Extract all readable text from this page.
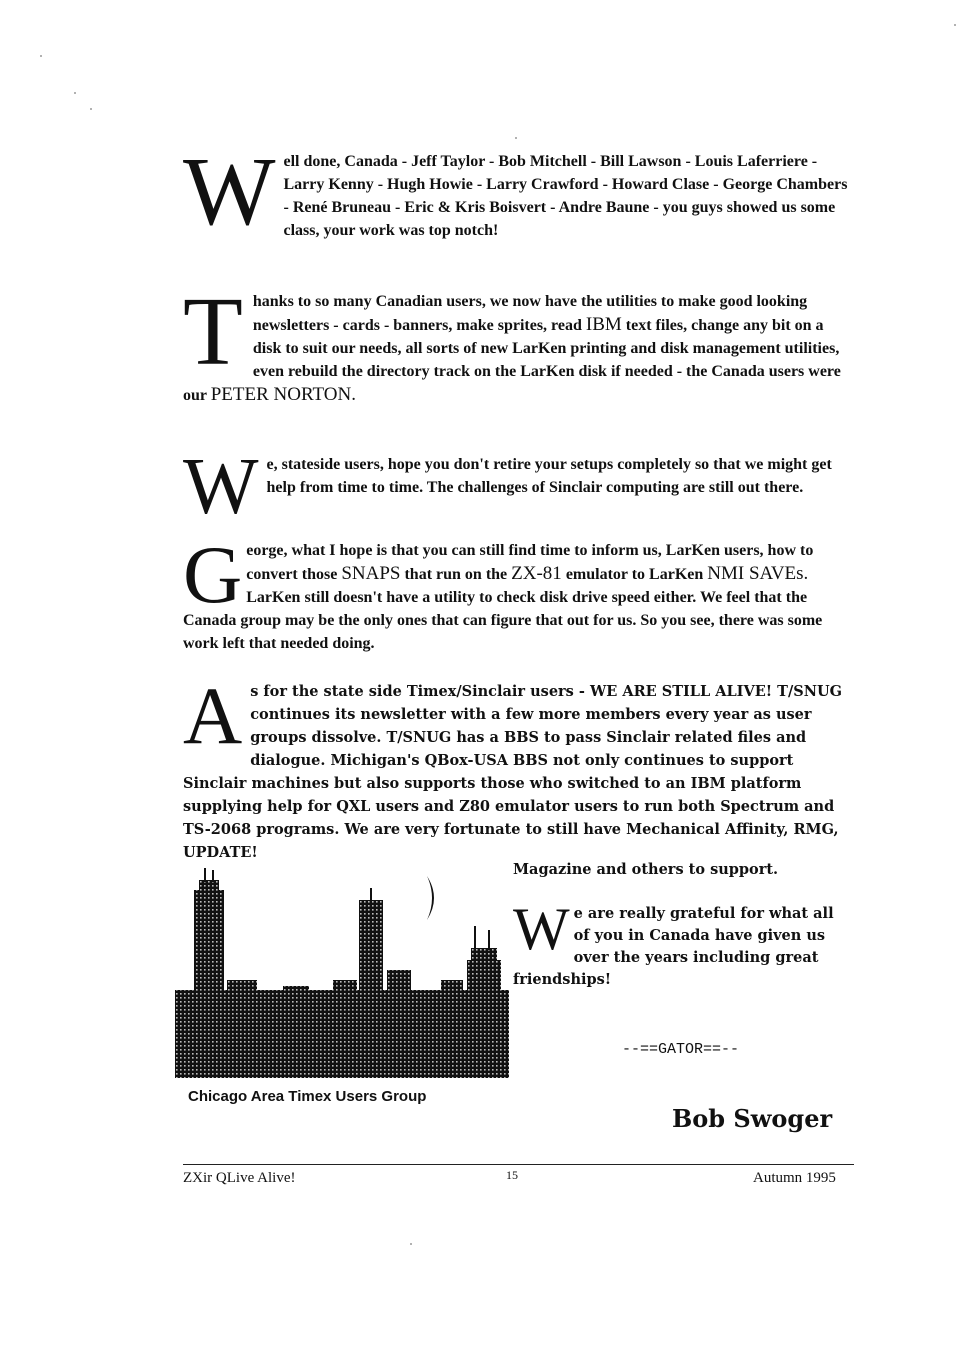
Well done, Canada - Jeff Taylor - Bob Mitchell - Bill Lawson - Louis Laferriere - Larry Kenny - Hugh Howie - Larry Crawford - Howard Clase - George Chambers - René Bruneau - Eric & Kris Boisvert - Andre Baune - you guys showed us some class, your work was top notch!

Thanks to so many Canadian users, we now have the utilities to make good looking newsletters - cards - banners, make sprites, read IBM text files, change any bit on a disk to suit our needs, all sorts of new LarKen printing and disk management utilities, even rebuild the directory track on the LarKen disk if needed - the Canada users were our PETER NORTON.

We, stateside users, hope you don't retire your setups completely so that we might get help from time to time. The challenges of Sinclair computing are still out there.

George, what I hope is that you can still find time to inform us, LarKen users, how to convert those SNAPS that run on the ZX-81 emulator to LarKen NMI SAVEs. LarKen still doesn't have a utility to check disk drive speed either. We feel that the Canada group may be the only ones that can figure that out for us. So you see, there was some work left that needed doing.

As for the state side Timex/Sinclair users - WE ARE STILL ALIVE! T/SNUG continues its newsletter with a few more members every year as user groups dissolve. T/SNUG has a BBS to pass Sinclair related files and dialogue. Michigan's QBox-USA BBS not only continues to support Sinclair machines but also supports those who switched to an IBM platform supplying help for QXL users and Z80 emulator users to run both Spectrum and TS-2068 programs. We are very fortunate to still have Mechanical Affinity, RMG, UPDATE!

Magazine and others to support.

Chicago Area Timex Users Group

We are really grateful for what all of you in Canada have given us over the years including great friendships!

--==GATOR==--

Bob Swoger

ZXir QLive Alive!	15	Autumn 1995
